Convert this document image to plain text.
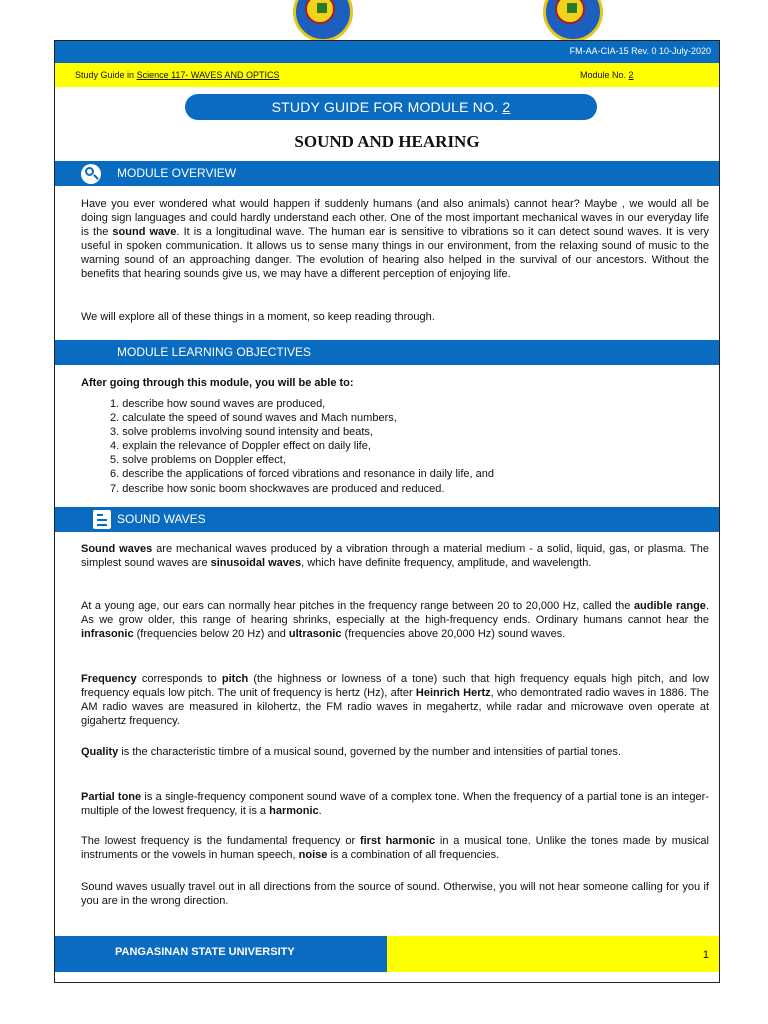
FM-AA-CIA-15 Rev. 0 10-July-2020
Study Guide in Science 117- WAVES AND OPTICS	Module No. 2
STUDY GUIDE FOR MODULE NO. 2
SOUND AND HEARING
MODULE OVERVIEW
Have you ever wondered what would happen if suddenly humans (and also animals) cannot hear? Maybe , we would all be doing sign languages and could hardly understand each other. One of the most important mechanical waves in our everyday life is the sound wave. It is a longitudinal wave. The human ear is sensitive to vibrations so it can detect sound waves. It is very useful in spoken communication. It allows us to sense many things in our environment, from the relaxing sound of music to the warning sound of an approaching danger. The evolution of hearing also helped in the survival of our ancestors. Without the benefits that hearing sounds give us, we may have a different perception of enjoying life.
We will explore all of these things in a moment, so keep reading through.
MODULE LEARNING OBJECTIVES
After going through this module, you will be able to:
1. describe how sound waves are produced,
2. calculate the speed of sound waves and Mach numbers,
3. solve problems involving sound intensity and beats,
4. explain the relevance of Doppler effect on daily life,
5. solve problems on Doppler effect,
6. describe the applications of forced vibrations and resonance in daily life, and
7. describe how sonic boom shockwaves are produced and reduced.
SOUND WAVES
Sound waves are mechanical waves produced by a vibration through a material medium - a solid, liquid, gas, or plasma. The simplest sound waves are sinusoidal waves, which have definite frequency, amplitude, and wavelength.
At a young age, our ears can normally hear pitches in the frequency range between 20 to 20,000 Hz, called the audible range. As we grow older, this range of hearing shrinks, especially at the high-frequency ends. Ordinary humans cannot hear the infrasonic (frequencies below 20 Hz) and ultrasonic (frequencies above 20,000 Hz) sound waves.
Frequency corresponds to pitch (the highness or lowness of a tone) such that high frequency equals high pitch, and low frequency equals low pitch. The unit of frequency is hertz (Hz), after Heinrich Hertz, who demontrated radio waves in 1886. The AM radio waves are measured in kilohertz, the FM radio waves in megahertz, while radar and microwave oven operate at gigahertz frequency.
Quality is the characteristic timbre of a musical sound, governed by the number and intensities of partial tones.
Partial tone is a single-frequency component sound wave of a complex tone. When the frequency of a partial tone is an integer-multiple of the lowest frequency, it is a harmonic.
The lowest frequency is the fundamental frequency or first harmonic in a musical tone. Unlike the tones made by musical instruments or the vowels in human speech, noise is a combination of all frequencies.
Sound waves usually travel out in all directions from the source of sound. Otherwise, you will not hear someone calling for you if you are in the wrong direction.
PANGASINAN STATE UNIVERSITY	1
